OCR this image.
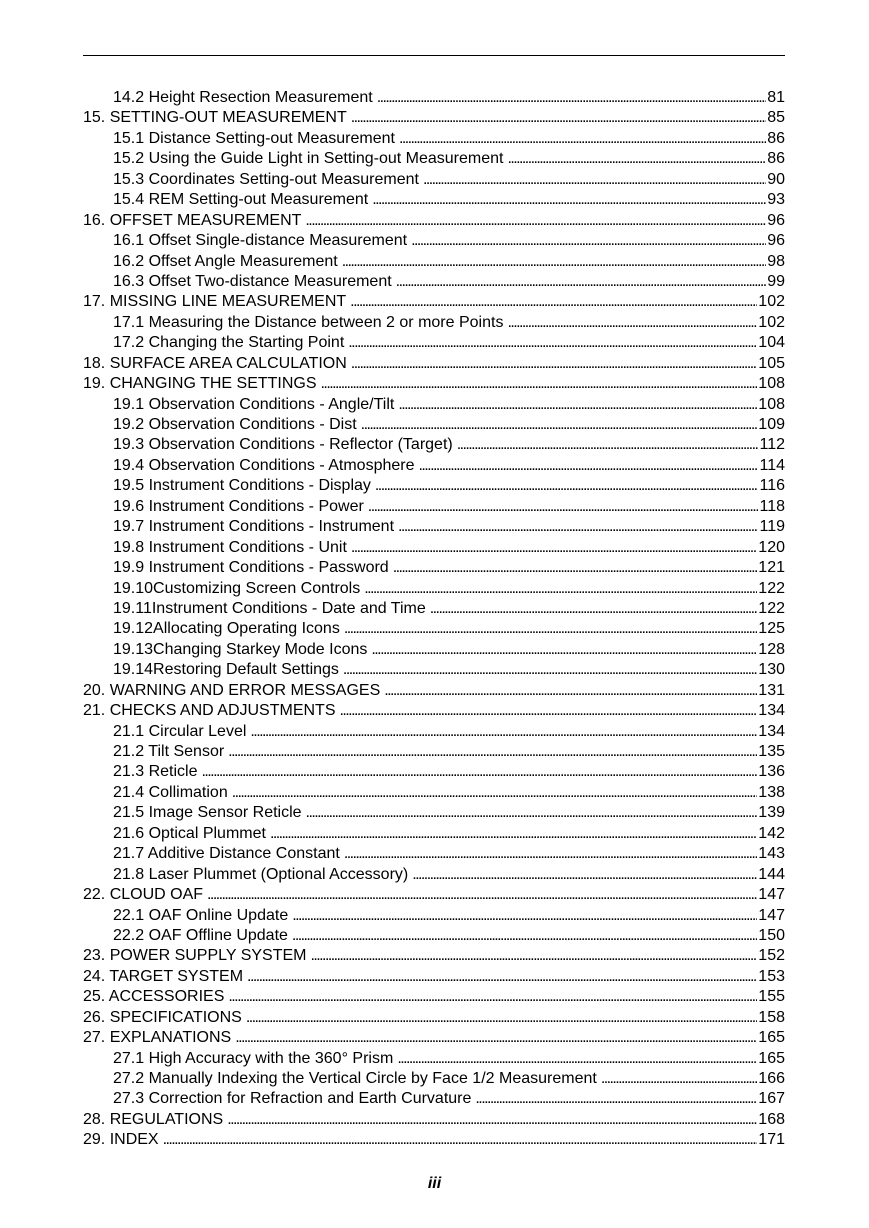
14.2 Height Resection Measurement . . .	81
15. SETTING-OUT MEASUREMENT . . .	85
15.1 Distance Setting-out Measurement . . .	86
15.2 Using the Guide Light in Setting-out Measurement . . .	86
15.3 Coordinates Setting-out Measurement . . .	90
15.4 REM Setting-out Measurement . . .	93
16. OFFSET MEASUREMENT . . .	96
16.1 Offset Single-distance Measurement . . .	96
16.2 Offset Angle Measurement . . .	98
16.3 Offset Two-distance Measurement . . .	99
17. MISSING LINE MEASUREMENT . . .	102
17.1 Measuring the Distance between 2 or more Points . . .	102
17.2 Changing the Starting Point . . .	104
18. SURFACE AREA CALCULATION . . .	105
19. CHANGING THE SETTINGS . . .	108
19.1 Observation Conditions - Angle/Tilt . . .	108
19.2 Observation Conditions - Dist . . .	109
19.3 Observation Conditions - Reflector (Target) . . .	112
19.4 Observation Conditions - Atmosphere . . .	114
19.5 Instrument Conditions - Display . . .	116
19.6 Instrument Conditions - Power . . .	118
19.7 Instrument Conditions - Instrument . . .	119
19.8 Instrument Conditions - Unit . . .	120
19.9 Instrument Conditions - Password . . .	121
19.10Customizing Screen Controls . . .	122
19.11Instrument Conditions - Date and Time . . .	122
19.12Allocating Operating Icons . . .	125
19.13Changing Starkey Mode Icons . . .	128
19.14Restoring Default Settings . . .	130
20. WARNING AND ERROR MESSAGES . . .	131
21. CHECKS AND ADJUSTMENTS . . .	134
21.1 Circular Level . . .	134
21.2 Tilt Sensor . . .	135
21.3 Reticle . . .	136
21.4 Collimation . . .	138
21.5 Image Sensor Reticle . . .	139
21.6 Optical Plummet . . .	142
21.7 Additive Distance Constant . . .	143
21.8 Laser Plummet (Optional Accessory) . . .	144
22. CLOUD OAF . . .	147
22.1 OAF Online Update . . .	147
22.2 OAF Offline Update . . .	150
23. POWER SUPPLY SYSTEM . . .	152
24. TARGET SYSTEM . . .	153
25. ACCESSORIES . . .	155
26. SPECIFICATIONS . . .	158
27. EXPLANATIONS . . .	165
27.1 High Accuracy with the 360° Prism . . .	165
27.2 Manually Indexing the Vertical Circle by Face 1/2 Measurement . . .	166
27.3 Correction for Refraction and Earth Curvature . . .	167
28. REGULATIONS . . .	168
29. INDEX . . .	171
iii
